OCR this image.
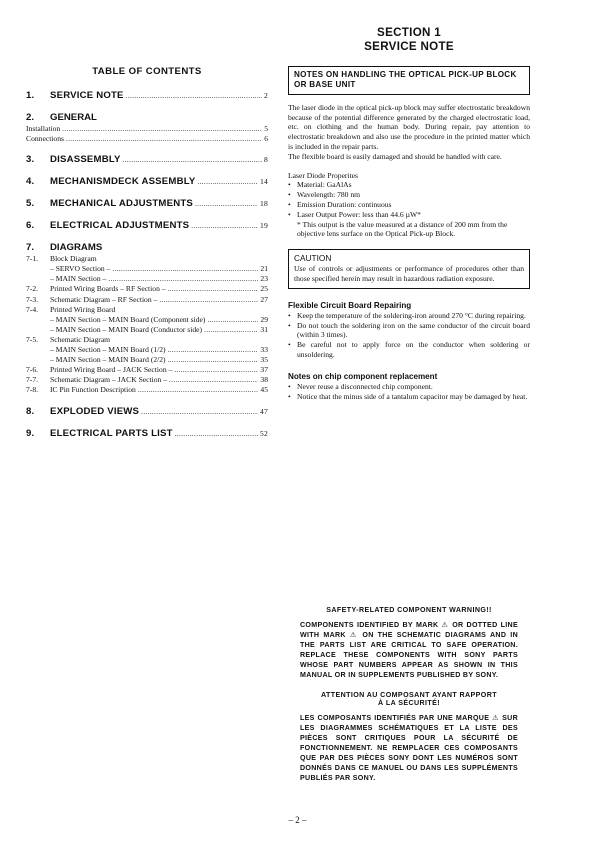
TABLE OF CONTENTS
1.	SERVICE NOTE .....	2
2.	GENERAL
Installation .....	5
Connections .....	6
3.	DISASSEMBLY .....	8
4.	MECHANISMDECK ASSEMBLY .....	14
5.	MECHANICAL ADJUSTMENTS .....	18
6.	ELECTRICAL ADJUSTMENTS .....	19
7.	DIAGRAMS
7-1.	Block Diagram
– SERVO Section – .....	21
– MAIN Section – .....	23
7-2.	Printed Wiring Boards – RF Section – .....	25
7-3.	Schematic Diagram – RF Section – .....	27
7-4.	Printed Wiring Board
– MAIN Section – MAIN Board (Component side) .....	29
– MAIN Section – MAIN Board (Conductor side) .....	31
7-5.	Schematic Diagram
– MAIN Section – MAIN Board (1/2) .....	33
– MAIN Section – MAIN Board (2/2) .....	35
7-6.	Printed Wiring Board – JACK Section – .....	37
7-7.	Schematic Diagram – JACK Section – .....	38
7-8.	IC Pin Function Description .....	45
8.	EXPLODED VIEWS .....	47
9.	ELECTRICAL PARTS LIST .....	52
SECTION 1
SERVICE NOTE
NOTES ON HANDLING THE OPTICAL PICK-UP BLOCK OR BASE UNIT

The laser diode in the optical pick-up block may suffer electrostatic breakdown because of the potential difference generated by the charged electrostatic load, etc. on clothing and the human body. During repair, pay attention to electrostatic breakdown and also use the procedure in the printed matter which is included in the repair parts.

The flexible board is easily damaged and should be handled with care.

Laser Diode Properites

• Material: GaAlAs
• Wavelength: 780 nm
• Emission Duration: continuous
• Laser Output Power: less than 44.6 µW*
* This output is the value measured at a distance of 200 mm from the objective lens surface on the Optical Pick-up Block.
CAUTION

Use of controls or adjustments or performance of procedures other than those specified herein may result in hazardous radiation exposure.

Flexible Circuit Board Repairing
• Keep the temperature of the soldering-iron around 270 °C during repairing.
• Do not touch the soldering iron on the same conductor of the circuit board (within 3 times).
• Be careful not to apply force on the conductor when soldering or unsoldering.
Notes on chip component replacement
• Never reuse a disconnected chip component.
• Notice that the minus side of a tantalum capacitor may be damaged by heat.
SAFETY-RELATED COMPONENT WARNING!!
COMPONENTS IDENTIFIED BY MARK ⚠ OR DOTTED LINE WITH MARK ⚠ ON THE SCHEMATIC DIAGRAMS AND IN THE PARTS LIST ARE CRITICAL TO SAFE OPERATION. REPLACE THESE COMPONENTS WITH SONY PARTS WHOSE PART NUMBERS APPEAR AS SHOWN IN THIS MANUAL OR IN SUPPLEMENTS PUBLISHED BY SONY.
ATTENTION AU COMPOSANT AYANT RAPPORT
À LA SÉCURITÉ!
LES COMPOSANTS IDENTIFIÉS PAR UNE MARQUE ⚠ SUR LES DIAGRAMMES SCHÉMATIQUES ET LA LISTE DES PIÈCES SONT CRITIQUES POUR LA SÉCURITÉ DE FONCTIONNEMENT. NE REMPLACER CES COMPOSANTS QUE PAR DES PIÈCES SONY DONT LES NUMÉROS SONT DONNÉS DANS CE MANUEL OU DANS LES SUPPLÉMENTS PUBLIÉS PAR SONY.
– 2 –
